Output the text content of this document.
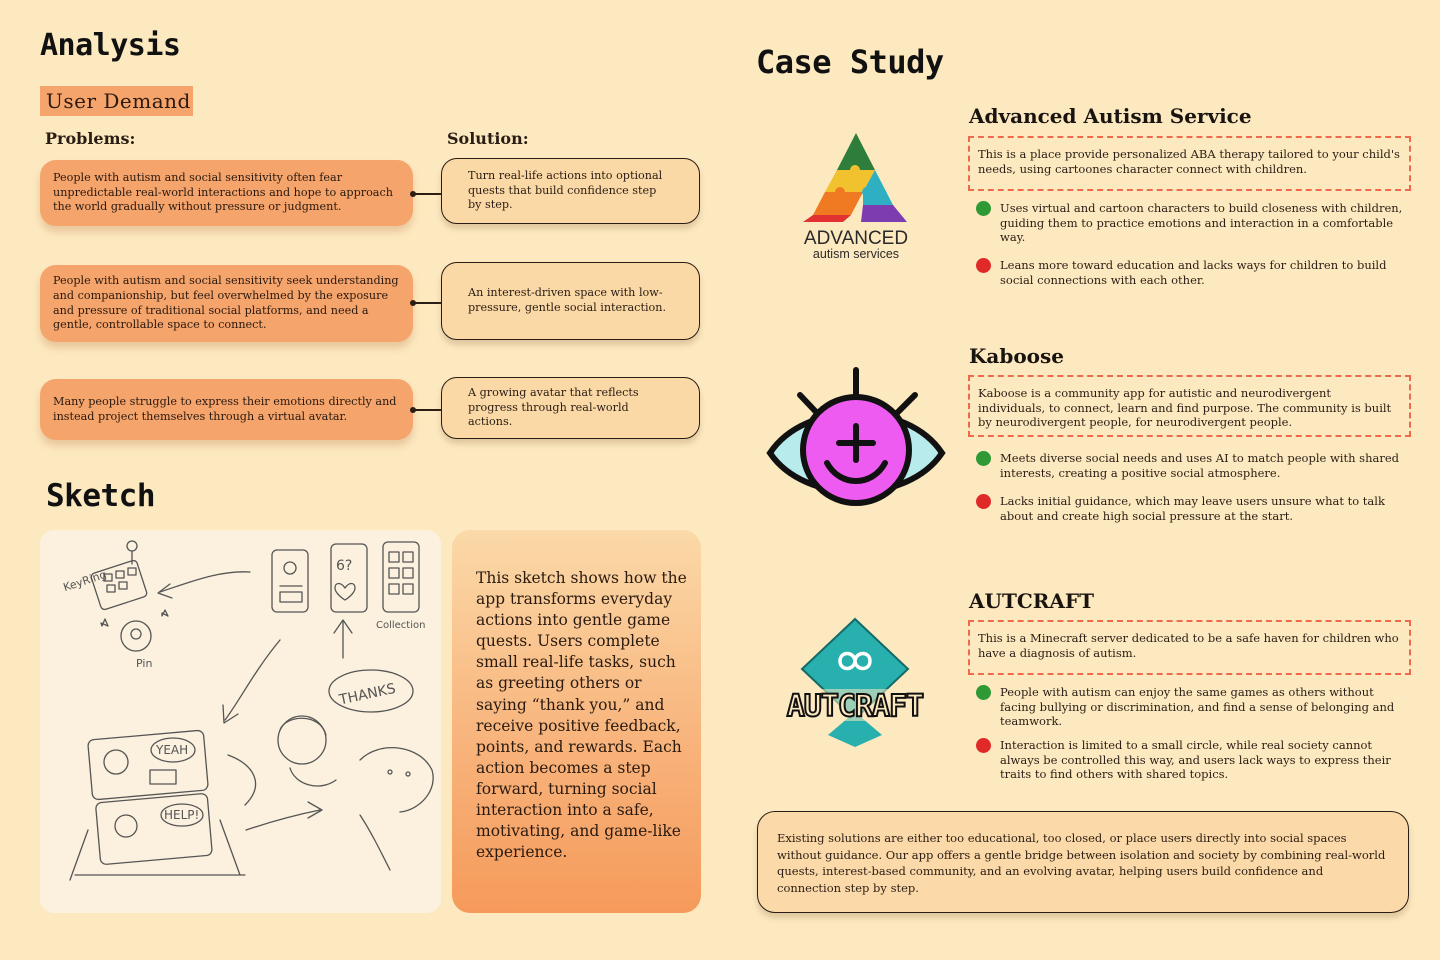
Analysis
User Demand
Problems:	Solution:
People with autism and social sensitivity often fear unpredictable real-world interactions and hope to approach the world gradually without pressure or judgment.
Turn real-life actions into optional quests that build confidence step by step.
People with autism and social sensitivity seek understanding and companionship, but feel overwhelmed by the exposure and pressure of traditional social platforms, and need a gentle, controllable space to connect.
An interest-driven space with low-pressure, gentle social interaction.
Many people struggle to express their emotions directly and instead project themselves through a virtual avatar.
A growing avatar that reflects progress through real-world actions.
Sketch
KeyRing
Pin
6?
Collection
THANKS
YEAH
HELP!
This sketch shows how the app transforms everyday actions into gentle game quests. Users complete small real-life tasks, such as greeting others or saying “thank you,” and receive positive feedback, points, and rewards. Each action becomes a step forward, turning social interaction into a safe, motivating, and game-like experience.
Case Study
ADVANCED
autism services
Advanced Autism Service
This is a place provide personalized ABA therapy tailored to your child's needs, using cartoones character connect with children.
Uses virtual and cartoon characters to build closeness with children, guiding them to practice emotions and interaction in a comfortable way.
Leans more toward education and lacks ways for children to build social connections with each other.
Kaboose
Kaboose is a community app for autistic and neurodivergent individuals, to connect, learn and find purpose. The community is built by neurodivergent people, for neurodivergent people.
Meets diverse social needs and uses AI to match people with shared interests, creating a positive social atmosphere.
Lacks initial guidance, which may leave users unsure what to talk about and create high social pressure at the start.
AUTCRAFT
AUTCRAFT
This is a Minecraft server dedicated to be a safe haven for children who have a diagnosis of autism.
People with autism can enjoy the same games as others without facing bullying or discrimination, and find a sense of belonging and teamwork.
Interaction is limited to a small circle, while real society cannot always be controlled this way, and users lack ways to express their traits to find others with shared topics.
Existing solutions are either too educational, too closed, or place users directly into social spaces without guidance. Our app offers a gentle bridge between isolation and society by combining real-world quests, interest-based community, and an evolving avatar, helping users build confidence and connection step by step.
